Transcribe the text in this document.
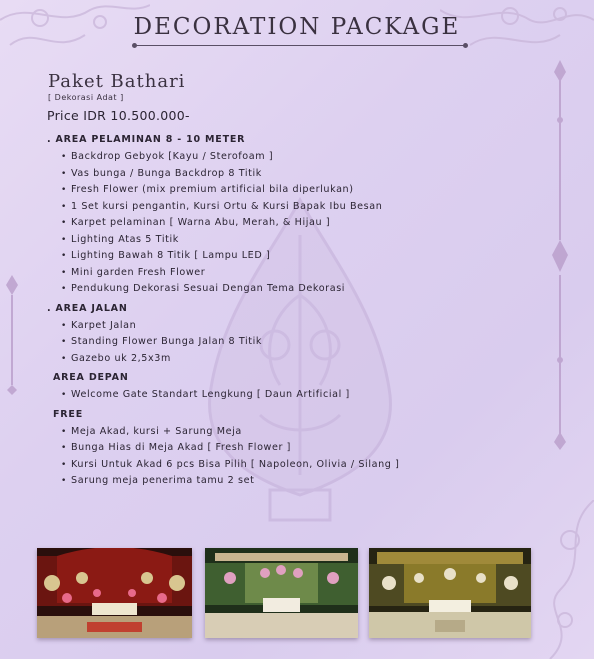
DECORATION PACKAGE
Paket Bathari
[ Dekorasi Adat ]
Price IDR 10.500.000-

. AREA PELAMINAN 8 - 10 METER

• Backdrop Gebyok [Kayu / Sterofoam ]
• Vas bunga / Bunga Backdrop 8 Titik
• Fresh Flower (mix premium artificial bila diperlukan)
• 1 Set kursi pengantin, Kursi Ortu & Kursi Bapak Ibu Besan
• Karpet pelaminan [ Warna Abu, Merah, & Hijau ]
• Lighting Atas 5 Titik
• Lighting Bawah 8 Titik [ Lampu LED ]
• Mini garden Fresh Flower
• Pendukung Dekorasi Sesuai Dengan Tema Dekorasi

. AREA JALAN

• Karpet Jalan
• Standing Flower Bunga Jalan 8 Titik
• Gazebo uk 2,5x3m

AREA DEPAN

• Welcome Gate Standart Lengkung [ Daun Artificial ]

FREE

• Meja Akad, kursi + Sarung Meja
• Bunga Hias di Meja Akad [ Fresh Flower ]
• Kursi Untuk Akad 6 pcs Bisa Pilih [ Napoleon, Olivia / Silang ]
• Sarung meja penerima tamu 2 set
